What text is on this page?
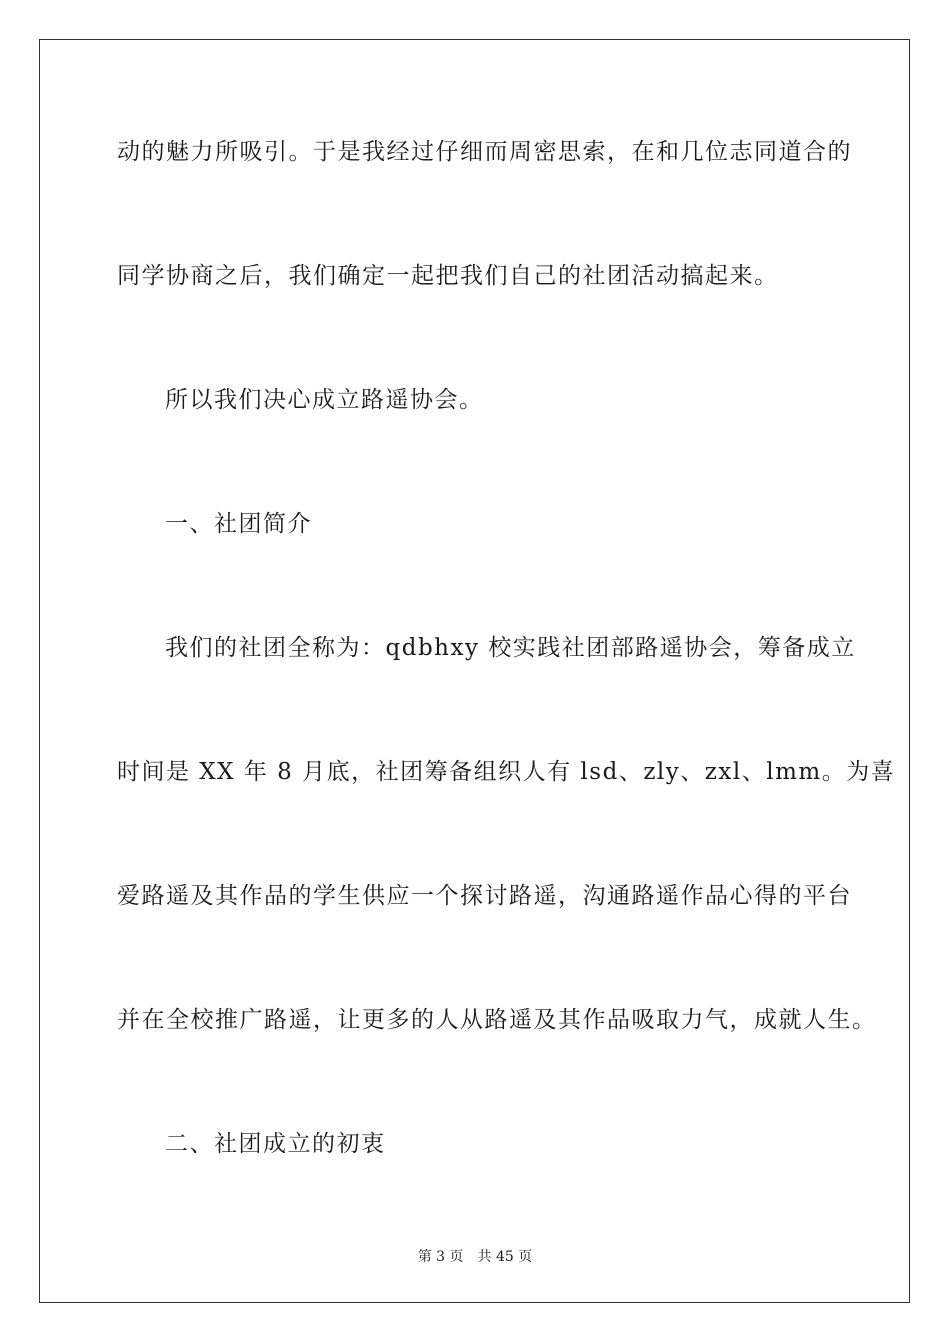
动的魅力所吸引。于是我经过仔细而周密思索，在和几位志同道合的
同学协商之后，我们确定一起把我们自己的社团活动搞起来。
所以我们决心成立路遥协会。
一、社团简介
我们的社团全称为：qdbhxy 校实践社团部路遥协会，筹备成立
时间是 XX 年 8 月底，社团筹备组织人有 lsd、zly、zxl、lmm。为喜
爱路遥及其作品的学生供应一个探讨路遥，沟通路遥作品心得的平台
并在全校推广路遥，让更多的人从路遥及其作品吸取力气，成就人生。
二、社团成立的初衷
第 3 页 共 45 页
